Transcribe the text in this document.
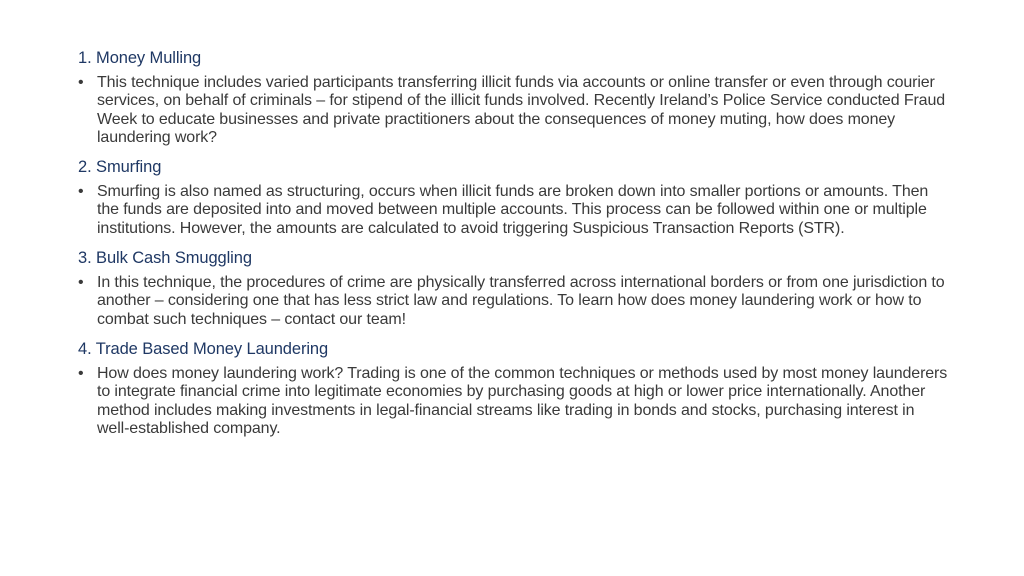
1. Money Mulling

• This technique includes varied participants transferring illicit funds via accounts or online transfer or even through courier services, on behalf of criminals – for stipend of the illicit funds involved. Recently Ireland’s Police Service conducted Fraud Week to educate businesses and private practitioners about the consequences of money muting, how does money laundering work?

2. Smurfing

• Smurfing is also named as structuring, occurs when illicit funds are broken down into smaller portions or amounts. Then the funds are deposited into and moved between multiple accounts. This process can be followed within one or multiple institutions. However, the amounts are calculated to avoid triggering Suspicious Transaction Reports (STR).

3. Bulk Cash Smuggling

• In this technique, the procedures of crime are physically transferred across international borders or from one jurisdiction to another – considering one that has less strict law and regulations. To learn how does money laundering work or how to combat such techniques – contact our team!

4. Trade Based Money Laundering

• How does money laundering work? Trading is one of the common techniques or methods used by most money launderers to integrate financial crime into legitimate economies by purchasing goods at high or lower price internationally. Another method includes making investments in legal-financial streams like trading in bonds and stocks, purchasing interest in well-established company.
